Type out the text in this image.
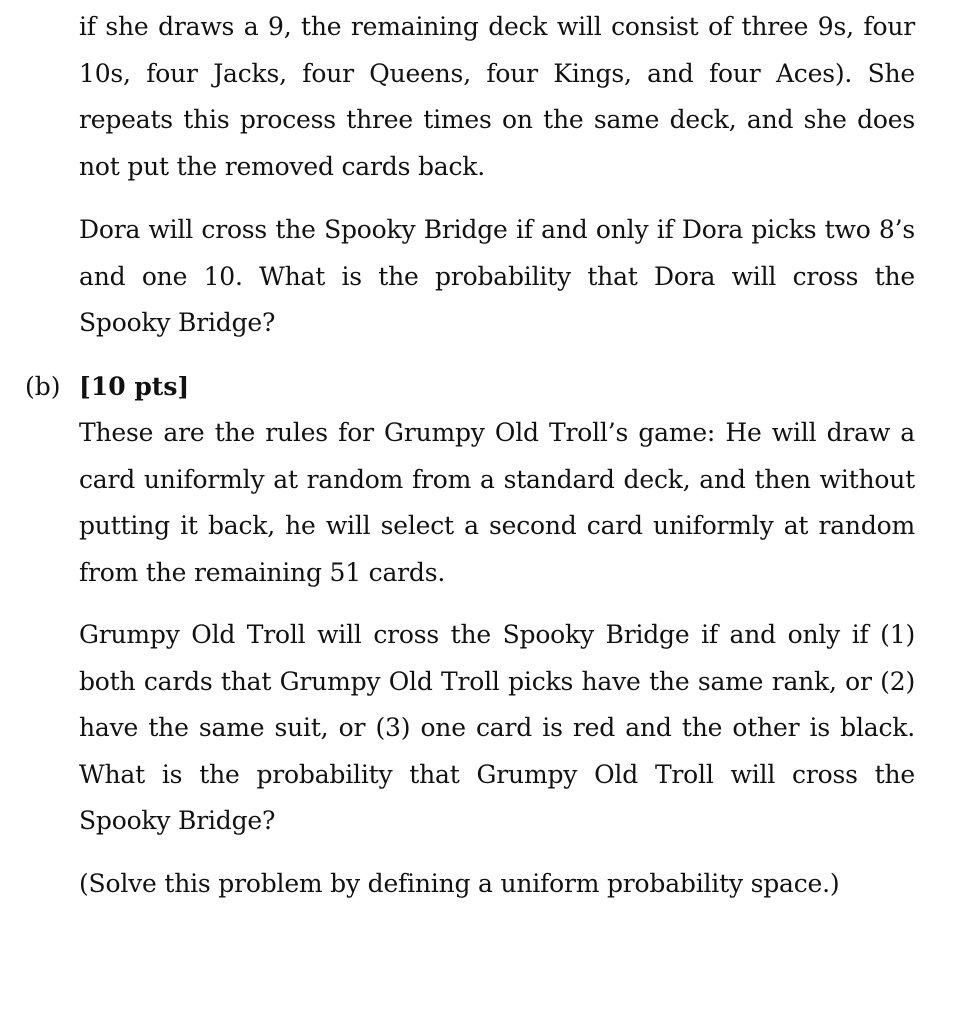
if she draws a 9, the remaining deck will consist of three 9s, four 10s, four Jacks, four Queens, four Kings, and four Aces). She repeats this process three times on the same deck, and she does not put the removed cards back.

Dora will cross the Spooky Bridge if and only if Dora picks two 8’s and one 10. What is the probability that Dora will cross the Spooky Bridge?

(b) [10 pts]

These are the rules for Grumpy Old Troll’s game: He will draw a card uniformly at random from a standard deck, and then without putting it back, he will select a second card uniformly at random from the remaining 51 cards.

Grumpy Old Troll will cross the Spooky Bridge if and only if (1) both cards that Grumpy Old Troll picks have the same rank, or (2) have the same suit, or (3) one card is red and the other is black. What is the probability that Grumpy Old Troll will cross the Spooky Bridge?

(Solve this problem by defining a uniform probability space.)
